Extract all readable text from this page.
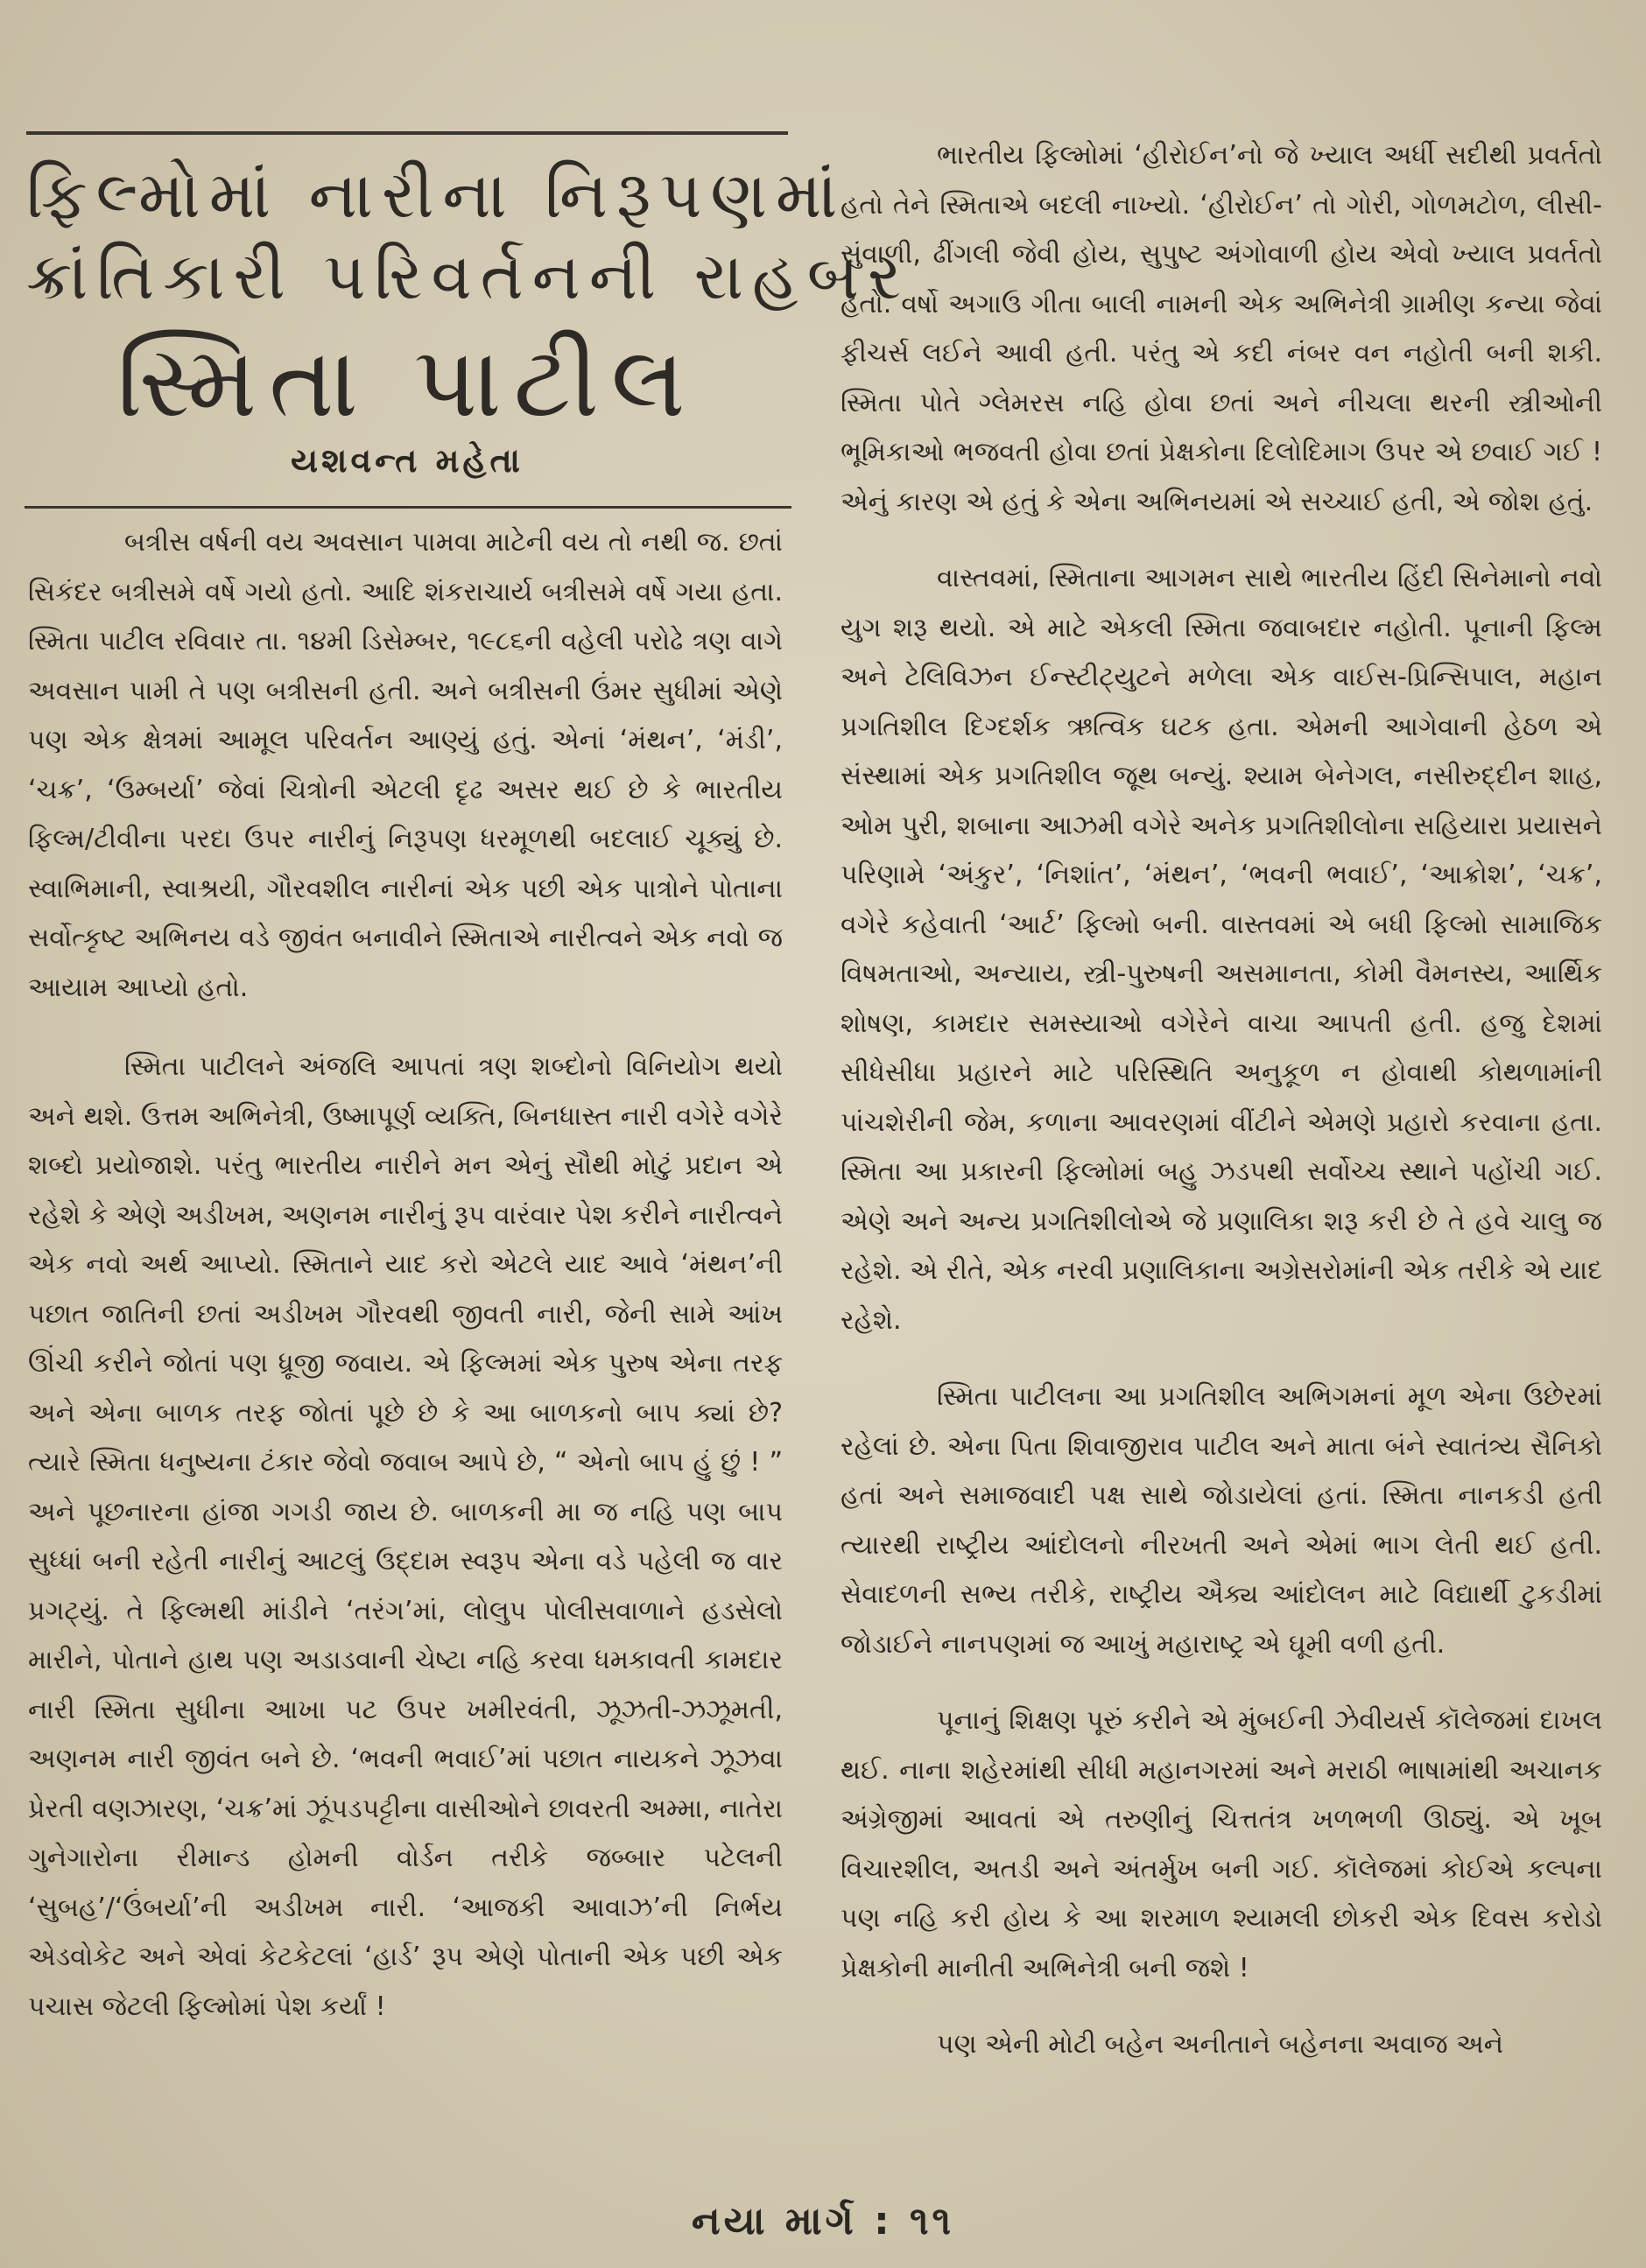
ફિલ્મોમાં નારીના નિરૂપણમાં
ક્રાંતિકારી પરિવર્તનની રાહબર
સ્મિતા પાટીલ
યશવન્ત મહેતા

બત્રીસ વર્ષની વય અવસાન પામવા માટેની વય તો નથી જ. છતાં સિકંદર બત્રીસમે વર્ષે ગયો હતો. આદિ શંકરાચાર્ય બત્રીસમે વર્ષે ગયા હતા. સ્મિતા પાટીલ રવિવાર તા. ૧૪મી ડિસેમ્બર, ૧૯૮૬ની વહેલી પરોઢે ત્રણ વાગે અવસાન પામી તે પણ બત્રીસની હતી. અને બત્રીસની ઉંમર સુધીમાં એણે પણ એક ક્ષેત્રમાં આમૂલ પરિવર્તન આણ્યું હતું. એનાં ‘મંથન’, ‘મંડી’, ‘ચક્ર’, ‘ઉમ્બર્યા’ જેવાં ચિત્રોની એટલી દૃઢ અસર થઈ છે કે ભારતીય ફિલ્મ/ટીવીના પરદા ઉપર નારીનું નિરૂપણ ધરમૂળથી બદલાઈ ચૂક્યું છે. સ્વાભિમાની, સ્વાશ્રયી, ગૌરવશીલ નારીનાં એક પછી એક પાત્રોને પોતાના સર્વોત્કૃષ્ટ અભિનય વડે જીવંત બનાવીને સ્મિતાએ નારીત્વને એક નવો જ આયામ આપ્યો હતો.

સ્મિતા પાટીલને અંજલિ આપતાં ત્રણ શબ્દોનો વિનિયોગ થયો અને થશે. ઉત્તમ અભિનેત્રી, ઉષ્માપૂર્ણ વ્યક્તિ, બિનધાસ્ત નારી વગેરે વગેરે શબ્દો પ્રયોજાશે. પરંતુ ભારતીય નારીને મન એનું સૌથી મોટું પ્રદાન એ રહેશે કે એણે અડીખમ, અણનમ નારીનું રૂપ વારંવાર પેશ કરીને નારીત્વને એક નવો અર્થ આપ્યો. સ્મિતાને યાદ કરો એટલે યાદ આવે ‘મંથન’ની પછાત જાતિની છતાં અડીખમ ગૌરવથી જીવતી નારી, જેની સામે આંખ ઊંચી કરીને જોતાં પણ ધ્રૂજી જવાય. એ ફિલ્મમાં એક પુરુષ એના તરફ અને એના બાળક તરફ જોતાં પૂછે છે કે આ બાળકનો બાપ ક્યાં છે? ત્યારે સ્મિતા ધનુષ્યના ટંકાર જેવો જવાબ આપે છે, “ એનો બાપ હું છું ! ” અને પૂછનારના હાંજા ગગડી જાય છે. બાળકની મા જ નહિ પણ બાપ સુધ્ધાં બની રહેતી નારીનું આટલું ઉદ્દામ સ્વરૂપ એના વડે પહેલી જ વાર પ્રગટ્યું. તે ફિલ્મથી માંડીને ‘તરંગ’માં, લોલુપ પોલીસવાળાને હડસેલો મારીને, પોતાને હાથ પણ અડાડવાની ચેષ્ટા નહિ કરવા ધમકાવતી કામદાર નારી સ્મિતા સુધીના આખા પટ ઉપર ખમીરવંતી, ઝૂઝતી-ઝઝૂમતી, અણનમ નારી જીવંત બને છે. ‘ભવની ભવાઈ’માં પછાત નાયકને ઝૂઝવા પ્રેરતી વણઝારણ, ‘ચક્ર’માં ઝૂંપડપટ્ટીના વાસીઓને છાવરતી અમ્મા, નાતેરા ગુનેગારોના રીમાન્ડ હોમની વોર્ડન તરીકે જબ્બાર પટેલની ‘સુબહ’/‘ઉંબર્યા’ની અડીખમ નારી. ‘આજકી આવાઝ’ની નિર્ભય એડવોકેટ અને એવાં કેટકેટલાં ‘હાર્ડ’ રૂપ એણે પોતાની એક પછી એક પચાસ જેટલી ફિલ્મોમાં પેશ કર્યાં !

ભારતીય ફિલ્મોમાં ‘હીરોઈન’નો જે ખ્યાલ અર્ધી સદીથી પ્રવર્તતો હતો તેને સ્મિતાએ બદલી નાખ્યો. ‘હીરોઈન’ તો ગોરી, ગોળમટોળ, લીસી-સુંવાળી, ઢીંગલી જેવી હોય, સુપુષ્ટ અંગોવાળી હોય એવો ખ્યાલ પ્રવર્તતો હતો. વર્ષો અગાઉ ગીતા બાલી નામની એક અભિનેત્રી ગ્રામીણ કન્યા જેવાં ફીચર્સ લઈને આવી હતી. પરંતુ એ કદી નંબર વન નહોતી બની શકી. સ્મિતા પોતે ગ્લેમરસ નહિ હોવા છતાં અને નીચલા થરની સ્ત્રીઓની ભૂમિકાઓ ભજવતી હોવા છતાં પ્રેક્ષકોના દિલોદિમાગ ઉપર એ છવાઈ ગઈ ! એનું કારણ એ હતું કે એના અભિનયમાં એ સચ્ચાઈ હતી, એ જોશ હતું.

વાસ્તવમાં, સ્મિતાના આગમન સાથે ભારતીય હિંદી સિનેમાનો નવો યુગ શરૂ થયો. એ માટે એકલી સ્મિતા જવાબદાર નહોતી. પૂનાની ફિલ્મ અને ટેલિવિઝન ઈન્સ્ટીટ્યુટને મળેલા એક વાઈસ-પ્રિન્સિપાલ, મહાન પ્રગતિશીલ દિગ્દર્શક ઋત્વિક ઘટક હતા. એમની આગેવાની હેઠળ એ સંસ્થામાં એક પ્રગતિશીલ જૂથ બન્યું. શ્યામ બેનેગલ, નસીરુદ્દીન શાહ, ઓમ પુરી, શબાના આઝમી વગેરે અનેક પ્રગતિશીલોના સહિયારા પ્રયાસને પરિણામે ‘અંકુર’, ‘નિશાંત’, ‘મંથન’, ‘ભવની ભવાઈ’, ‘આક્રોશ’, ‘ચક્ર’, વગેરે કહેવાતી ‘આર્ટ’ ફિલ્મો બની. વાસ્તવમાં એ બધી ફિલ્મો સામાજિક વિષમતાઓ, અન્યાય, સ્ત્રી-પુરુષની અસમાનતા, કોમી વૈમનસ્ય, આર્થિક શોષણ, કામદાર સમસ્યાઓ વગેરેને વાચા આપતી હતી. હજુ દેશમાં સીધેસીધા પ્રહારને માટે પરિસ્થિતિ અનુકૂળ ન હોવાથી કોથળામાંની પાંચશેરીની જેમ, કળાના આવરણમાં વીંટીને એમણે પ્રહારો કરવાના હતા. સ્મિતા આ પ્રકારની ફિલ્મોમાં બહુ ઝડપથી સર્વોચ્ચ સ્થાને પહોંચી ગઈ. એણે અને અન્ય પ્રગતિશીલોએ જે પ્રણાલિકા શરૂ કરી છે તે હવે ચાલુ જ રહેશે. એ રીતે, એક નરવી પ્રણાલિકાના અગ્રેસરોમાંની એક તરીકે એ યાદ રહેશે.

સ્મિતા પાટીલના આ પ્રગતિશીલ અભિગમનાં મૂળ એના ઉછેરમાં રહેલાં છે. એના પિતા શિવાજીરાવ પાટીલ અને માતા બંને સ્વાતંત્ર્ય સૈનિકો હતાં અને સમાજવાદી પક્ષ સાથે જોડાયેલાં હતાં. સ્મિતા નાનકડી હતી ત્યારથી રાષ્ટ્રીય આંદોલનો નીરખતી અને એમાં ભાગ લેતી થઈ હતી. સેવાદળની સભ્ય તરીકે, રાષ્ટ્રીય ઐક્ય આંદોલન માટે વિદ્યાર્થી ટુકડીમાં જોડાઈને નાનપણમાં જ આખું મહારાષ્ટ્ર એ ઘૂમી વળી હતી.

પૂનાનું શિક્ષણ પૂરું કરીને એ મુંબઈની ઝેવીયર્સ કૉલેજમાં દાખલ થઈ. નાના શહેરમાંથી સીધી મહાનગરમાં અને મરાઠી ભાષામાંથી અચાનક અંગ્રેજીમાં આવતાં એ તરુણીનું ચિત્તતંત્ર ખળભળી ઊઠ્યું. એ ખૂબ વિચારશીલ, અતડી અને અંતર્મુખ બની ગઈ. કૉલેજમાં કોઈએ કલ્પના પણ નહિ કરી હોય કે આ શરમાળ શ્યામલી છોકરી એક દિવસ કરોડો પ્રેક્ષકોની માનીતી અભિનેત્રી બની જશે !

પણ એની મોટી બહેન અનીતાને બહેનના અવાજ અને

નયા માર્ગ : ૧૧
